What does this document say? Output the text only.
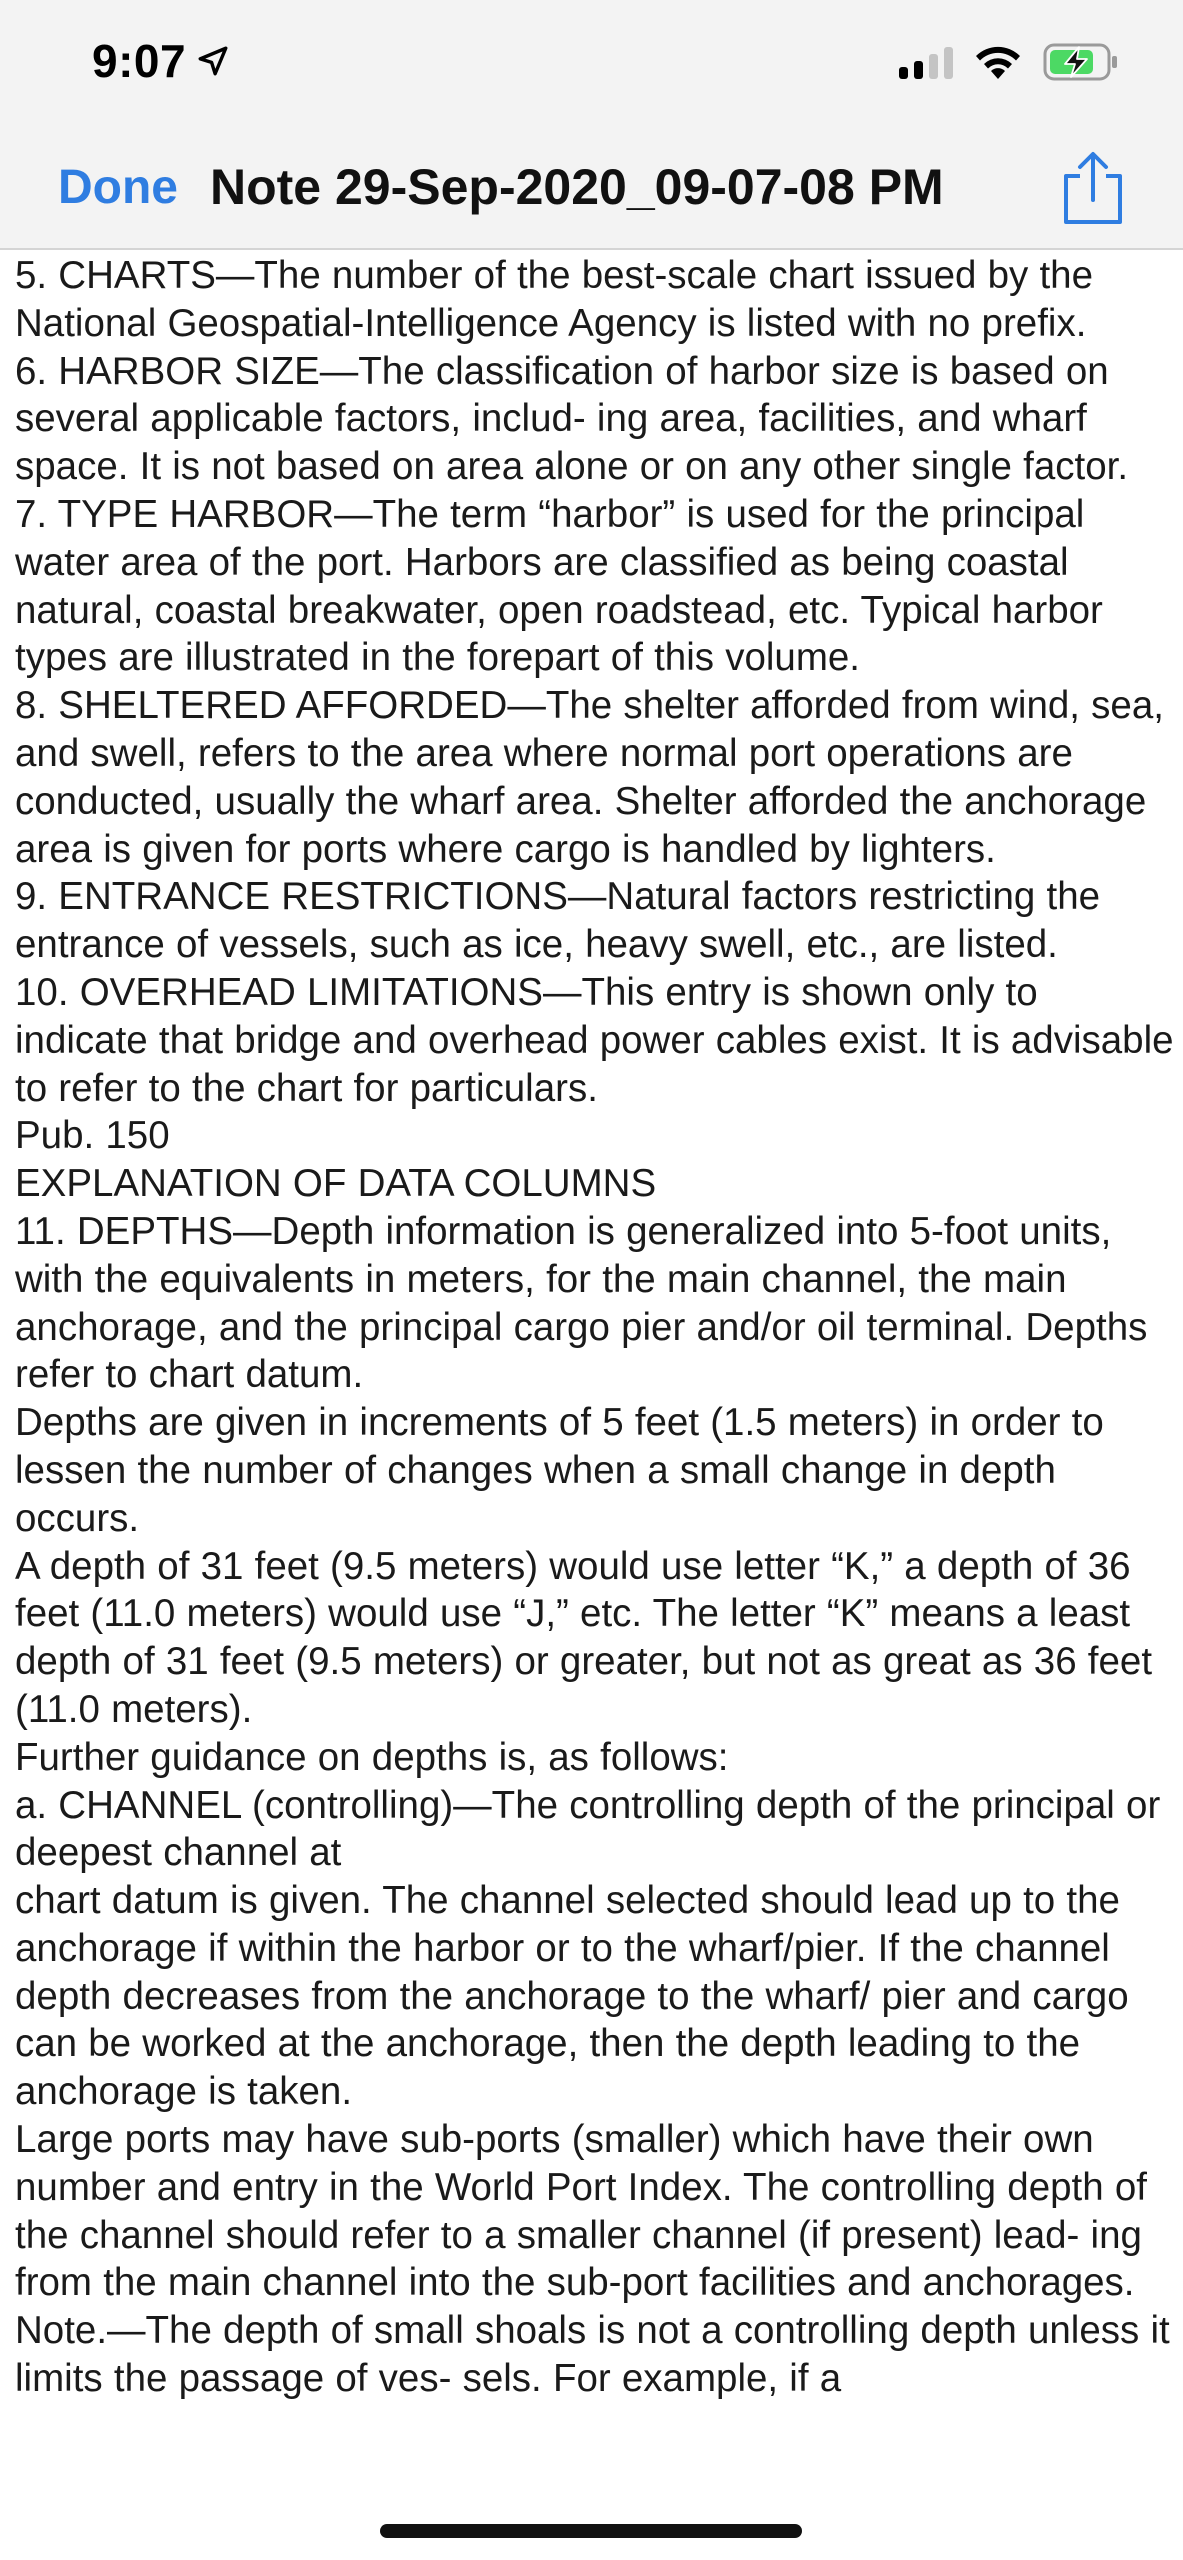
9:07
Done Note 29-Sep-2020_09-07-08 PM

5. CHARTS—The number of the best-scale chart issued by the National Geospatial-Intelligence Agency is listed with no prefix.

6. HARBOR SIZE—The classification of harbor size is based on several applicable factors, includ- ing area, facilities, and wharf space. It is not based on area alone or on any other single factor.

7. TYPE HARBOR—The term “harbor” is used for the principal water area of the port. Harbors are classified as being coastal natural, coastal breakwater, open roadstead, etc. Typical harbor types are illustrated in the forepart of this volume.

8. SHELTERED AFFORDED—The shelter afforded from wind, sea, and swell, refers to the area where normal port operations are conducted, usually the wharf area. Shelter afforded the anchorage area is given for ports where cargo is handled by lighters.

9. ENTRANCE RESTRICTIONS—Natural factors restricting the entrance of vessels, such as ice, heavy swell, etc., are listed.

10. OVERHEAD LIMITATIONS—This entry is shown only to indicate that bridge and overhead power cables exist. It is advisable to refer to the chart for particulars.

Pub. 150

EXPLANATION OF DATA COLUMNS

11. DEPTHS—Depth information is generalized into 5-foot units, with the equivalents in meters, for the main channel, the main anchorage, and the principal cargo pier and/or oil terminal. Depths refer to chart datum.

Depths are given in increments of 5 feet (1.5 meters) in order to lessen the number of changes when a small change in depth occurs.

A depth of 31 feet (9.5 meters) would use letter “K,” a depth of 36 feet (11.0 meters) would use “J,” etc. The letter “K” means a least depth of 31 feet (9.5 meters) or greater, but not as great as 36 feet (11.0 meters).

Further guidance on depths is, as follows:

a. CHANNEL (controlling)—The controlling depth of the principal or deepest channel at

chart datum is given. The channel selected should lead up to the anchorage if within the harbor or to the wharf/pier. If the channel depth decreases from the anchorage to the wharf/ pier and cargo can be worked at the anchorage, then the depth leading to the anchorage is taken.

Large ports may have sub-ports (smaller) which have their own number and entry in the World Port Index. The controlling depth of the channel should refer to a smaller channel (if present) lead- ing from the main channel into the sub-port facilities and anchorages.

Note.—The depth of small shoals is not a controlling depth unless it limits the passage of ves- sels. For example, if a
